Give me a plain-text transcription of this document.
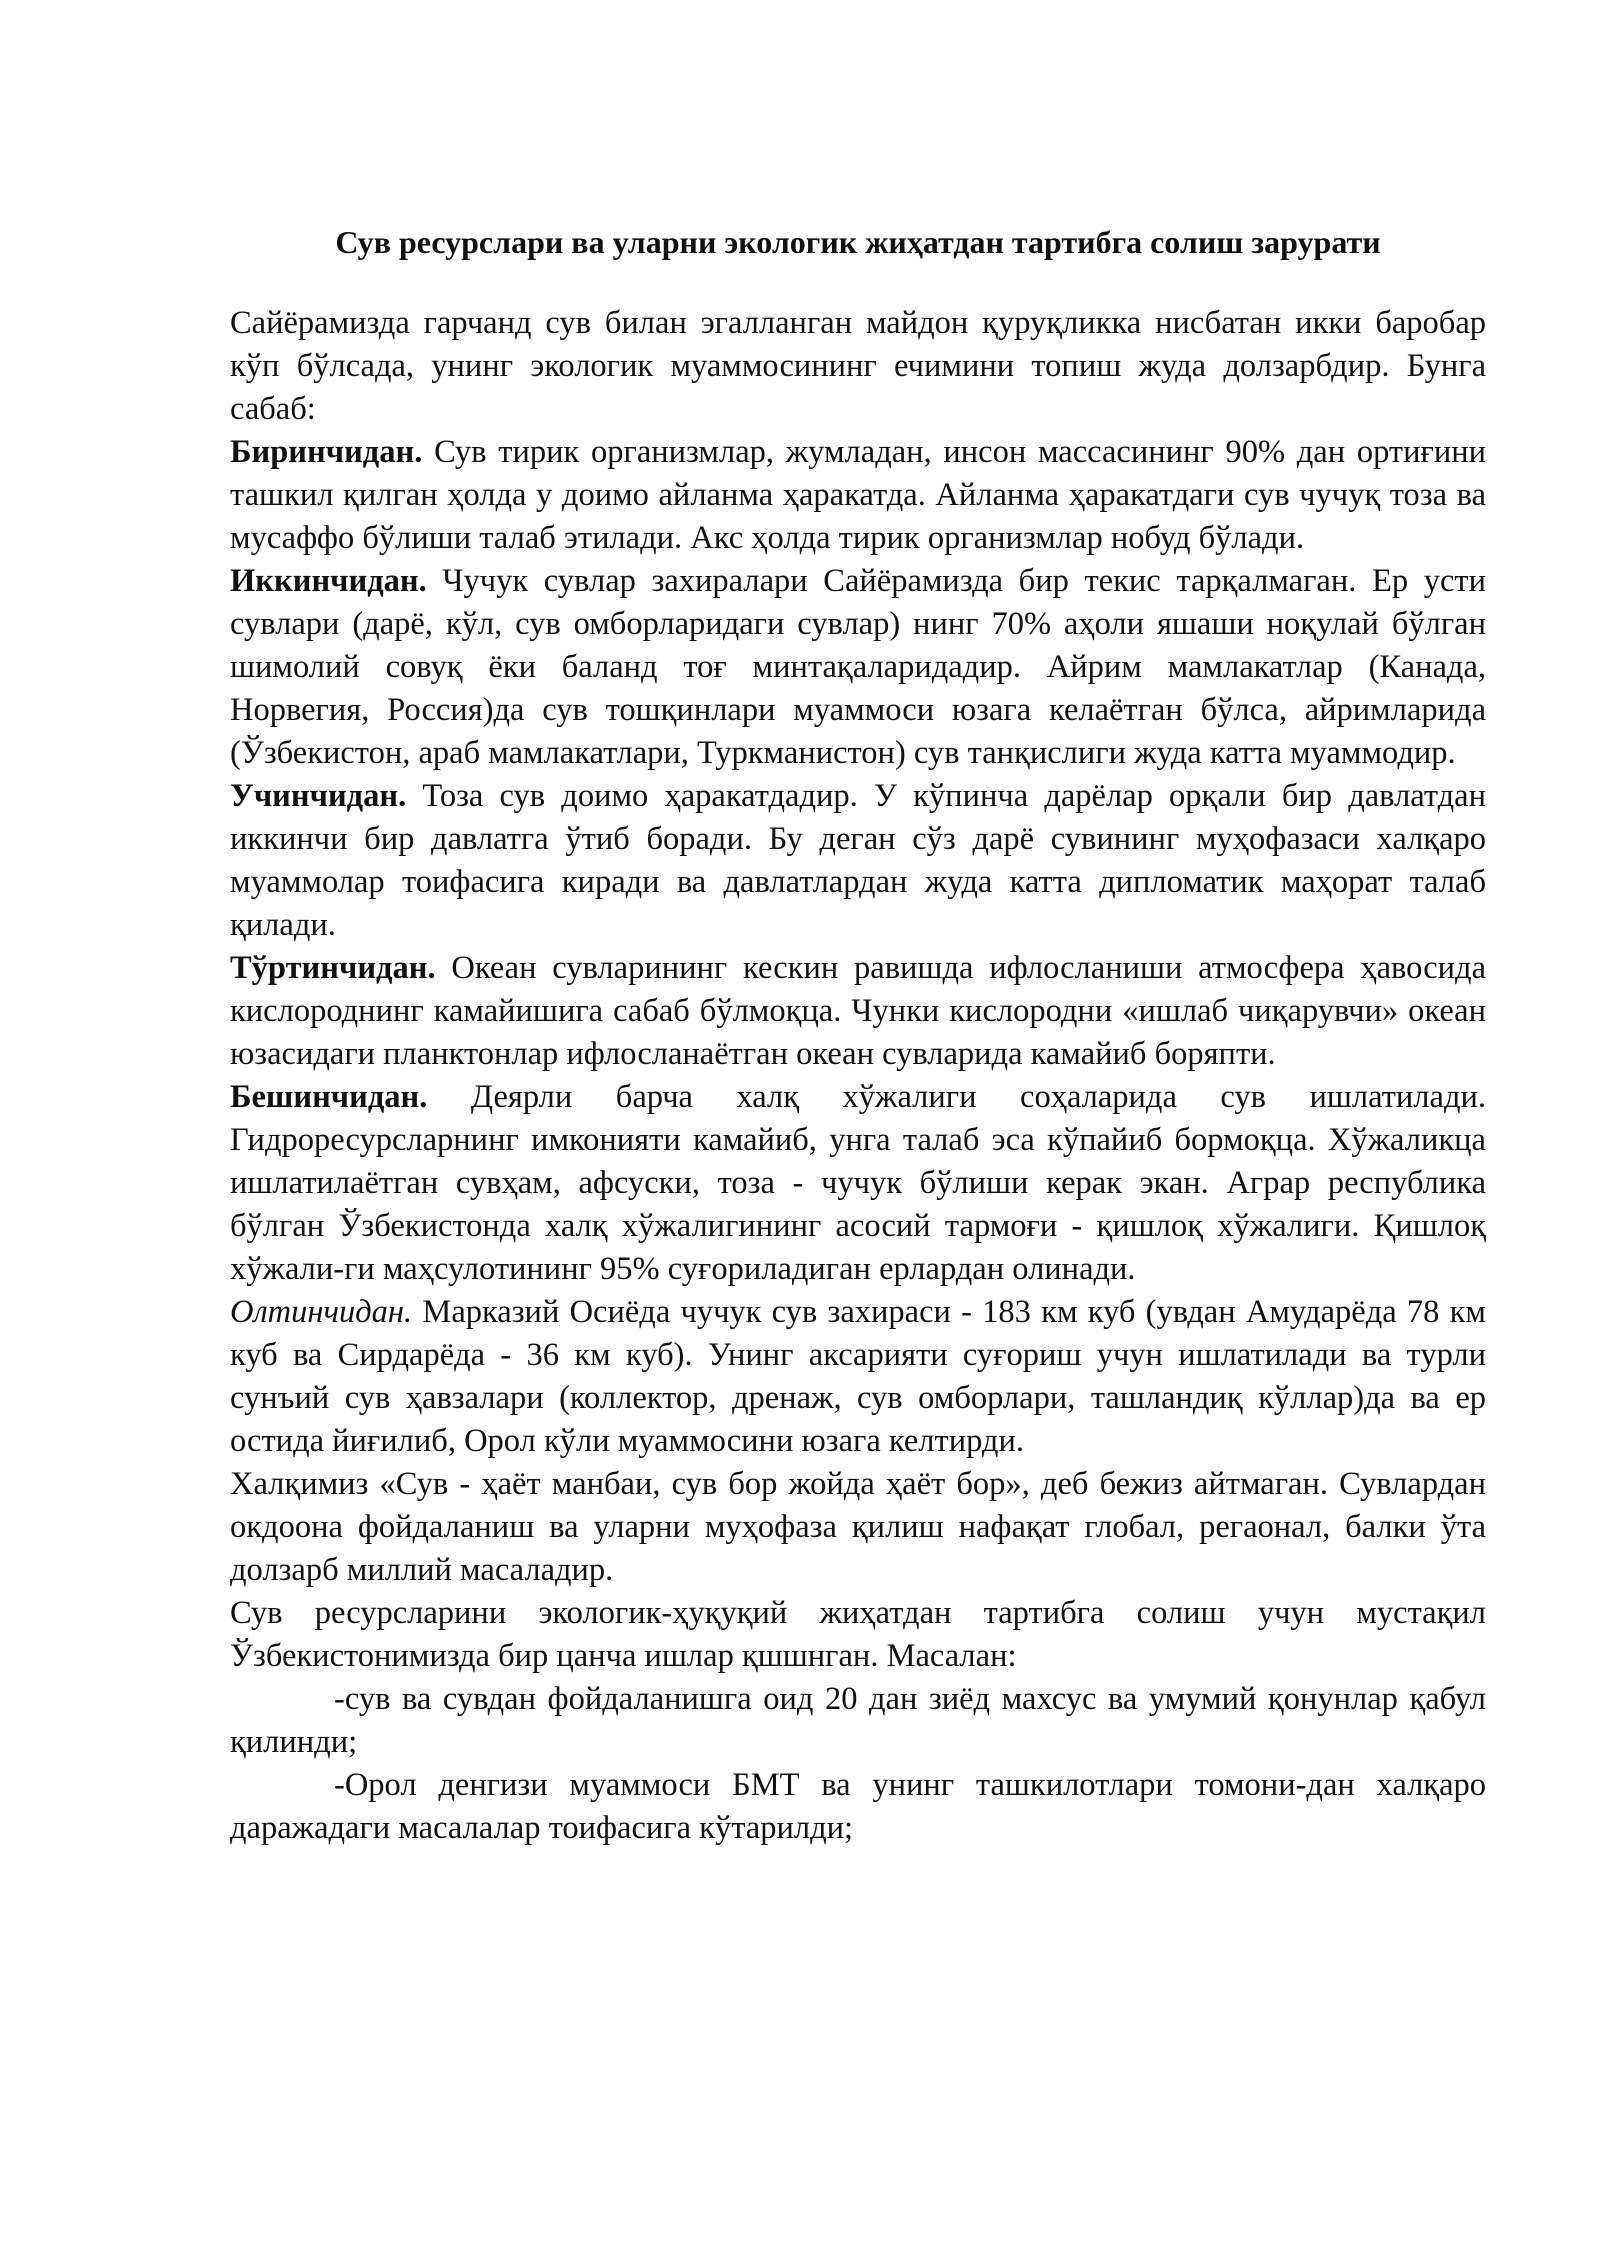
Сув ресурслари ва уларни экологик жиҳатдан тартибга солиш зарурати

Сайёрамизда гарчанд сув билан эгалланган майдон қуруқликка нисбатан икки баробар кўп бўлсада, унинг экологик муаммосининг ечимини топиш жуда долзарбдир. Бунга сабаб:

Биринчидан. Сув тирик организмлар, жумладан, инсон массасининг 90% дан ортиғини ташкил қилган ҳолда у доимо айланма ҳаракатда. Айланма ҳаракатдаги сув чучуқ тоза ва мусаффо бўлиши талаб этилади. Акс ҳолда тирик организмлар нобуд бўлади.

Иккинчидан. Чучук сувлар захиралари Сайёрамизда бир текис тарқалмаган. Ер усти сувлари (дарё, кўл, сув омборларидаги сувлар) нинг 70% аҳоли яшаши ноқулай бўлган шимолий совуқ ёки баланд тоғ минтақаларидадир. Айрим мамлакатлар (Канада, Норвегия, Россия)да сув тошқинлари муаммоси юзага келаётган бўлса, айримларида (Ўзбекистон, араб мамлакатлари, Туркманистон) сув танқислиги жуда катта муаммодир.

Учинчидан. Тоза сув доимо ҳаракатдадир. У кўпинча дарёлар орқали бир давлатдан иккинчи бир давлатга ўтиб боради. Бу деган сўз дарё сувининг муҳофазаси халқаро муаммолар тоифасига киради ва давлатлардан жуда катта дипломатик маҳорат талаб қилади.

Тўртинчидан. Океан сувларининг кескин равишда ифлосланиши атмосфера ҳавосида кислороднинг камайишига сабаб бўлмоқца. Чунки кислородни «ишлаб чиқарувчи» океан юзасидаги планктонлар ифлосланаётган океан сувларида камайиб боряпти.

Бешинчидан. Деярли барча халқ хўжалиги соҳаларида сув ишлатилади. Гидроресурсларнинг имконияти камайиб, унга талаб эса кўпайиб бормоқца. Хўжаликца ишлатилаётган сувҳам, афсуски, тоза - чучук бўлиши керак экан. Аграр республика бўлган Ўзбекистонда халқ хўжалигининг асосий тармоғи - қишлоқ хўжалиги. Қишлоқ хўжали-ги маҳсулотининг 95% суғориладиган ерлардан олинади.

Олтинчидан. Марказий Осиёда чучук сув захираси - 183 км куб (увдан Амударёда 78 км куб ва Сирдарёда - 36 км куб). Унинг аксарияти суғориш учун ишлатилади ва турли сунъий сув ҳавзалари (коллектор, дренаж, сув омборлари, ташландиқ кўллар)да ва ер остида йиғилиб, Орол кўли муаммосини юзага келтирди.

Халқимиз «Сув - ҳаёт манбаи, сув бор жойда ҳаёт бор», деб бежиз айтмаган. Сувлардан окдоона фойдаланиш ва уларни муҳофаза қилиш нафақат глобал, регаонал, балки ўта долзарб миллий масаладир.

Сув ресурсларини экологик-ҳуқуқий жиҳатдан тартибга солиш учун мустақил Ўзбекистонимизда бир цанча ишлар қшшнган. Масалан:

-сув ва сувдан фойдаланишга оид 20 дан зиёд махсус ва умумий қонунлар қабул қилинди;

-Орол денгизи муаммоси БМТ ва унинг ташкилотлари томони-дан халқаро даражадаги масалалар тоифасига кўтарилди;
